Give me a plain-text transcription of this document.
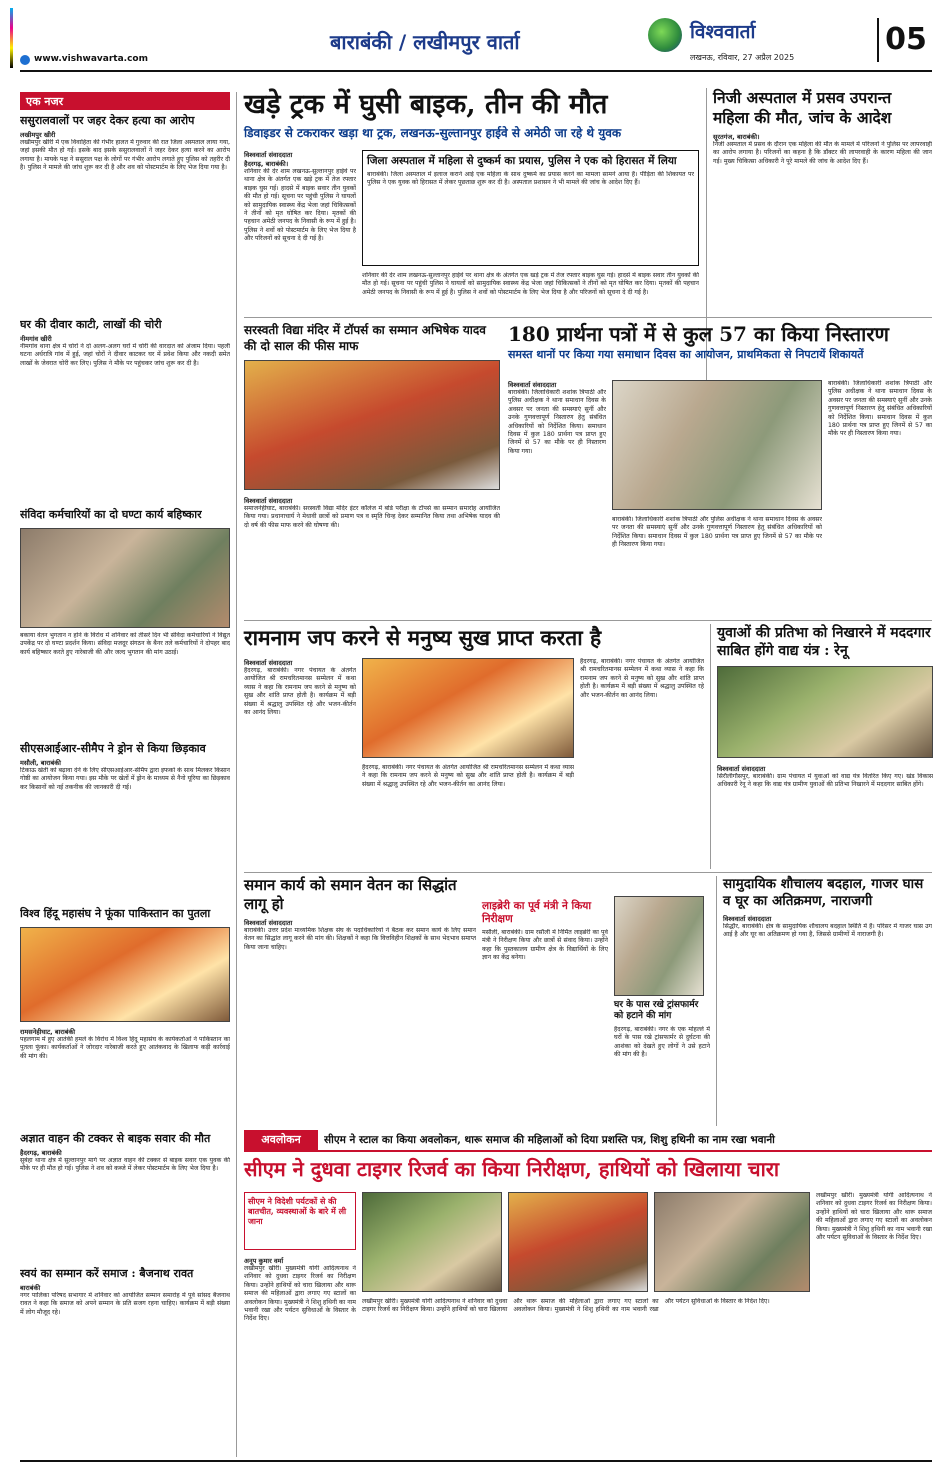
बाराबंकी / लखीमपुर वार्ता	विश्ववार्ता
लखनऊ, रविवार, 27 अप्रैल 2025
05
www.vishwavarta.com
एक नजर
ससुरालवालों पर जहर देकर हत्या का आरोप
लखीमपुर खीरी
लखीमपुर खीरी में एक विवाहिता की गंभीर हालत में गुरुवार की रात जिला अस्पताल लाया गया, जहां इसकी मौत हो गई। इसके बाद इसके ससुरालवालों ने जहर देकर हत्या करने का आरोप लगाया है। मायके पक्ष ने ससुराल पक्ष के लोगों पर गंभीर आरोप लगाते हुए पुलिस को तहरीर दी है। पुलिस ने मामले की जांच शुरू कर दी है और शव को पोस्टमार्टम के लिए भेज दिया गया है।
घर की दीवार काटी, लाखों की चोरी
नीमगांव खीरी
नीमगांव थाना क्षेत्र में चोरों ने दो अलग-अलग घरों में चोरी की वारदात को अंजाम दिया। पहली घटना अर्धरात्रि गांव में हुई, जहां चोरों ने दीवार काटकर घर में प्रवेश किया और नकदी समेत लाखों के जेवरात चोरी कर लिए। पुलिस ने मौके पर पहुंचकर जांच शुरू कर दी है।
संविदा कर्मचारियों का दो घण्टा कार्य बहिष्कार
बकाया वेतन भुगतान न होने के विरोध में शनिवार को तीसरे दिन भी संविदा कर्मचारियों ने विद्युत उपकेंद्र पर दो घण्टा प्रदर्शन किया। संविदा मजदूर संगठन के बैनर तले कर्मचारियों ने दोपहर बाद कार्य बहिष्कार करते हुए नारेबाजी की और जल्द भुगतान की मांग उठाई।
सीएसआईआर-सीमैप ने ड्रोन से किया छिड़काव
मसौली, बाराबंकी
टिकाऊ खेती को बढ़ावा देने के लिए सीएसआईआर-सीमैप द्वारा इफको के साथ मिलकर किसान गोष्ठी का आयोजन किया गया। इस मौके पर खेतों में ड्रोन के माध्यम से नैनो यूरिया का छिड़काव कर किसानों को नई तकनीक की जानकारी दी गई।
विश्व हिंदू महासंघ ने फूंका पाकिस्तान का पुतला
रामसनेहीघाट, बाराबंकी
पहलगाम में हुए आतंकी हमले के विरोध में विश्व हिंदू महासंघ के कार्यकर्ताओं ने पाकिस्तान का पुतला फूंका। कार्यकर्ताओं ने जोरदार नारेबाजी करते हुए आतंकवाद के खिलाफ कड़ी कार्रवाई की मांग की।
अज्ञात वाहन की टक्कर से बाइक सवार की मौत
हैदरगढ़, बाराबंकी
सुबेहा थाना क्षेत्र में सुल्तानपुर मार्ग पर अज्ञात वाहन की टक्कर से बाइक सवार एक युवक की मौके पर ही मौत हो गई। पुलिस ने शव को कब्जे में लेकर पोस्टमार्टम के लिए भेज दिया है।
स्वयं का सम्मान करें समाज : बैजनाथ रावत
बाराबंकी
नगर पालिका परिषद सभागार में शनिवार को आयोजित सम्मान समारोह में पूर्व सांसद बैजनाथ रावत ने कहा कि समाज को अपने सम्मान के प्रति सजग रहना चाहिए। कार्यक्रम में बड़ी संख्या में लोग मौजूद रहे।
खड़े ट्रक में घुसी बाइक, तीन की मौत
डिवाइडर से टकराकर खड़ा था ट्रक, लखनऊ-सुल्तानपुर हाईवे से अमेठी जा रहे थे युवक
विश्ववार्ता संवाददाता
हैदरगढ़, बाराबंकी।
शनिवार की देर शाम लखनऊ-सुल्तानपुर हाईवे पर थाना क्षेत्र के अंतर्गत एक खड़े ट्रक में तेज रफ्तार बाइक घुस गई। हादसे में बाइक सवार तीन युवकों की मौत हो गई। सूचना पर पहुंची पुलिस ने घायलों को सामुदायिक स्वास्थ्य केंद्र भेजा जहां चिकित्सकों ने तीनों को मृत घोषित कर दिया। मृतकों की पहचान अमेठी जनपद के निवासी के रूप में हुई है। पुलिस ने शवों को पोस्टमार्टम के लिए भेज दिया है और परिजनों को सूचना दे दी गई है।
जिला अस्पताल में महिला से दुष्कर्म का प्रयास, पुलिस ने एक को हिरासत में लिया
बाराबंकी। जिला अस्पताल में इलाज कराने आई एक महिला के साथ दुष्कर्म का प्रयास करने का मामला सामने आया है। पीड़िता की शिकायत पर पुलिस ने एक युवक को हिरासत में लेकर पूछताछ शुरू कर दी है। अस्पताल प्रशासन ने भी मामले की जांच के आदेश दिए हैं।
शनिवार की देर शाम लखनऊ-सुल्तानपुर हाईवे पर थाना क्षेत्र के अंतर्गत एक खड़े ट्रक में तेज रफ्तार बाइक घुस गई। हादसे में बाइक सवार तीन युवकों की मौत हो गई। सूचना पर पहुंची पुलिस ने घायलों को सामुदायिक स्वास्थ्य केंद्र भेजा जहां चिकित्सकों ने तीनों को मृत घोषित कर दिया। मृतकों की पहचान अमेठी जनपद के निवासी के रूप में हुई है। पुलिस ने शवों को पोस्टमार्टम के लिए भेज दिया है और परिजनों को सूचना दे दी गई है।
निजी अस्पताल में प्रसव उपरान्त महिला की मौत, जांच के आदेश
सूरतगंज, बाराबंकी।
निजी अस्पताल में प्रसव के दौरान एक महिला की मौत के मामले में परिजनों ने पुलिस पर लापरवाही का आरोप लगाया है। परिजनों का कहना है कि डॉक्टर की लापरवाही के कारण महिला की जान गई। मुख्य चिकित्सा अधिकारी ने पूरे मामले की जांच के आदेश दिए हैं।
सरस्वती विद्या मंदिर में टॉपर्स का सम्मान अभिषेक यादव की दो साल की फीस माफ
विश्ववार्ता संवाददाता
समाजनेहीघाट, बाराबंकी। सरस्वती विद्या मंदिर इंटर कॉलेज में बोर्ड परीक्षा के टॉपर्स का सम्मान समारोह आयोजित किया गया। प्रधानाचार्य ने मेधावी छात्रों को प्रमाण पत्र व स्मृति चिन्ह देकर सम्मानित किया तथा अभिषेक यादव की दो वर्ष की फीस माफ करने की घोषणा की।
180 प्रार्थना पत्रों में से कुल 57 का किया निस्तारण
समस्त थानों पर किया गया समाधान दिवस का आयोजन, प्राथमिकता से निपटायें शिकायतें
विश्ववार्ता संवाददाता
बाराबंकी। जिलाधिकारी शशांक त्रिपाठी और पुलिस अधीक्षक ने थाना समाधान दिवस के अवसर पर जनता की समस्याएं सुनीं और उनके गुणवत्तापूर्ण निस्तारण हेतु संबंधित अधिकारियों को निर्देशित किया। समाधान दिवस में कुल 180 प्रार्थना पत्र प्राप्त हुए जिनमें से 57 का मौके पर ही निस्तारण किया गया।
बाराबंकी। जिलाधिकारी शशांक त्रिपाठी और पुलिस अधीक्षक ने थाना समाधान दिवस के अवसर पर जनता की समस्याएं सुनीं और उनके गुणवत्तापूर्ण निस्तारण हेतु संबंधित अधिकारियों को निर्देशित किया। समाधान दिवस में कुल 180 प्रार्थना पत्र प्राप्त हुए जिनमें से 57 का मौके पर ही निस्तारण किया गया।
बाराबंकी। जिलाधिकारी शशांक त्रिपाठी और पुलिस अधीक्षक ने थाना समाधान दिवस के अवसर पर जनता की समस्याएं सुनीं और उनके गुणवत्तापूर्ण निस्तारण हेतु संबंधित अधिकारियों को निर्देशित किया। समाधान दिवस में कुल 180 प्रार्थना पत्र प्राप्त हुए जिनमें से 57 का मौके पर ही निस्तारण किया गया।
रामनाम जप करने से मनुष्य सुख प्राप्त करता है
विश्ववार्ता संवाददाता
हैदरगढ़, बाराबंकी। नगर पंचायत के अंतर्गत आयोजित श्री रामचरितमानस सम्मेलन में कथा व्यास ने कहा कि रामनाम जप करने से मनुष्य को सुख और शांति प्राप्त होती है। कार्यक्रम में बड़ी संख्या में श्रद्धालु उपस्थित रहे और भजन-कीर्तन का आनंद लिया।
हैदरगढ़, बाराबंकी। नगर पंचायत के अंतर्गत आयोजित श्री रामचरितमानस सम्मेलन में कथा व्यास ने कहा कि रामनाम जप करने से मनुष्य को सुख और शांति प्राप्त होती है। कार्यक्रम में बड़ी संख्या में श्रद्धालु उपस्थित रहे और भजन-कीर्तन का आनंद लिया।
हैदरगढ़, बाराबंकी। नगर पंचायत के अंतर्गत आयोजित श्री रामचरितमानस सम्मेलन में कथा व्यास ने कहा कि रामनाम जप करने से मनुष्य को सुख और शांति प्राप्त होती है। कार्यक्रम में बड़ी संख्या में श्रद्धालु उपस्थित रहे और भजन-कीर्तन का आनंद लिया।
युवाओं की प्रतिभा को निखारने में मददगार साबित होंगे वाद्य यंत्र : रेनू
विश्ववार्ता संवाददाता
सिरौलीगौसपुर, बाराबंकी। ग्राम पंचायत में युवाओं को वाद्य यंत्र वितरित किए गए। खंड विकास अधिकारी रेनू ने कहा कि वाद्य यंत्र ग्रामीण युवाओं की प्रतिभा निखारने में मददगार साबित होंगे।
समान कार्य को समान वेतन का सिद्धांत लागू हो
विश्ववार्ता संवाददाता
बाराबंकी। उत्तर प्रदेश माध्यमिक शिक्षक संघ के पदाधिकारियों ने बैठक कर समान कार्य के लिए समान वेतन का सिद्धांत लागू करने की मांग की। शिक्षकों ने कहा कि वित्तविहीन शिक्षकों के साथ भेदभाव समाप्त किया जाना चाहिए।
लाइब्रेरी का पूर्व मंत्री ने किया निरीक्षण
मसौली, बाराबंकी। ग्राम रसौली में निर्मित लाइब्रेरी का पूर्व मंत्री ने निरीक्षण किया और छात्रों से संवाद किया। उन्होंने कहा कि पुस्तकालय ग्रामीण क्षेत्र के विद्यार्थियों के लिए ज्ञान का केंद्र बनेगा।
घर के पास रखे ट्रांसफार्मर को हटाने की मांग
हैदरगढ़, बाराबंकी। नगर के एक मोहल्ले में घरों के पास रखे ट्रांसफार्मर से दुर्घटना की आशंका को देखते हुए लोगों ने उसे हटाने की मांग की है।
सामुदायिक शौचालय बदहाल, गाजर घास व घूर का अतिक्रमण, नाराजगी
विश्ववार्ता संवाददाता
सिद्धौर, बाराबंकी। क्षेत्र के सामुदायिक शौचालय बदहाल स्थिति में हैं। परिसर में गाजर घास उग आई है और घूर का अतिक्रमण हो गया है, जिससे ग्रामीणों में नाराजगी है।
अवलोकन	सीएम ने स्टाल का किया अवलोकन, थारू समाज की महिलाओं को दिया प्रशस्ति पत्र, शिशु हथिनी का नाम रखा भवानी
सीएम ने दुधवा टाइगर रिजर्व का किया निरीक्षण, हाथियों को खिलाया चारा
सीएम ने विदेशी पर्यटकों से की बातचीत, व्यवस्थाओं के बारे में ली जाना
अनूप कुमार वर्मा
लखीमपुर खीरी। मुख्यमंत्री योगी आदित्यनाथ ने शनिवार को दुधवा टाइगर रिजर्व का निरीक्षण किया। उन्होंने हाथियों को चारा खिलाया और थारू समाज की महिलाओं द्वारा लगाए गए स्टालों का अवलोकन किया। मुख्यमंत्री ने शिशु हथिनी का नाम भवानी रखा और पर्यटन सुविधाओं के विस्तार के निर्देश दिए।
लखीमपुर खीरी। मुख्यमंत्री योगी आदित्यनाथ ने शनिवार को दुधवा टाइगर रिजर्व का निरीक्षण किया। उन्होंने हाथियों को चारा खिलाया और थारू समाज की महिलाओं द्वारा लगाए गए स्टालों का अवलोकन किया। मुख्यमंत्री ने शिशु हथिनी का नाम भवानी रखा और पर्यटन सुविधाओं के विस्तार के निर्देश दिए।
लखीमपुर खीरी। मुख्यमंत्री योगी आदित्यनाथ ने शनिवार को दुधवा टाइगर रिजर्व का निरीक्षण किया। उन्होंने हाथियों को चारा खिलाया और थारू समाज की महिलाओं द्वारा लगाए गए स्टालों का अवलोकन किया। मुख्यमंत्री ने शिशु हथिनी का नाम भवानी रखा और पर्यटन सुविधाओं के विस्तार के निर्देश दिए।
